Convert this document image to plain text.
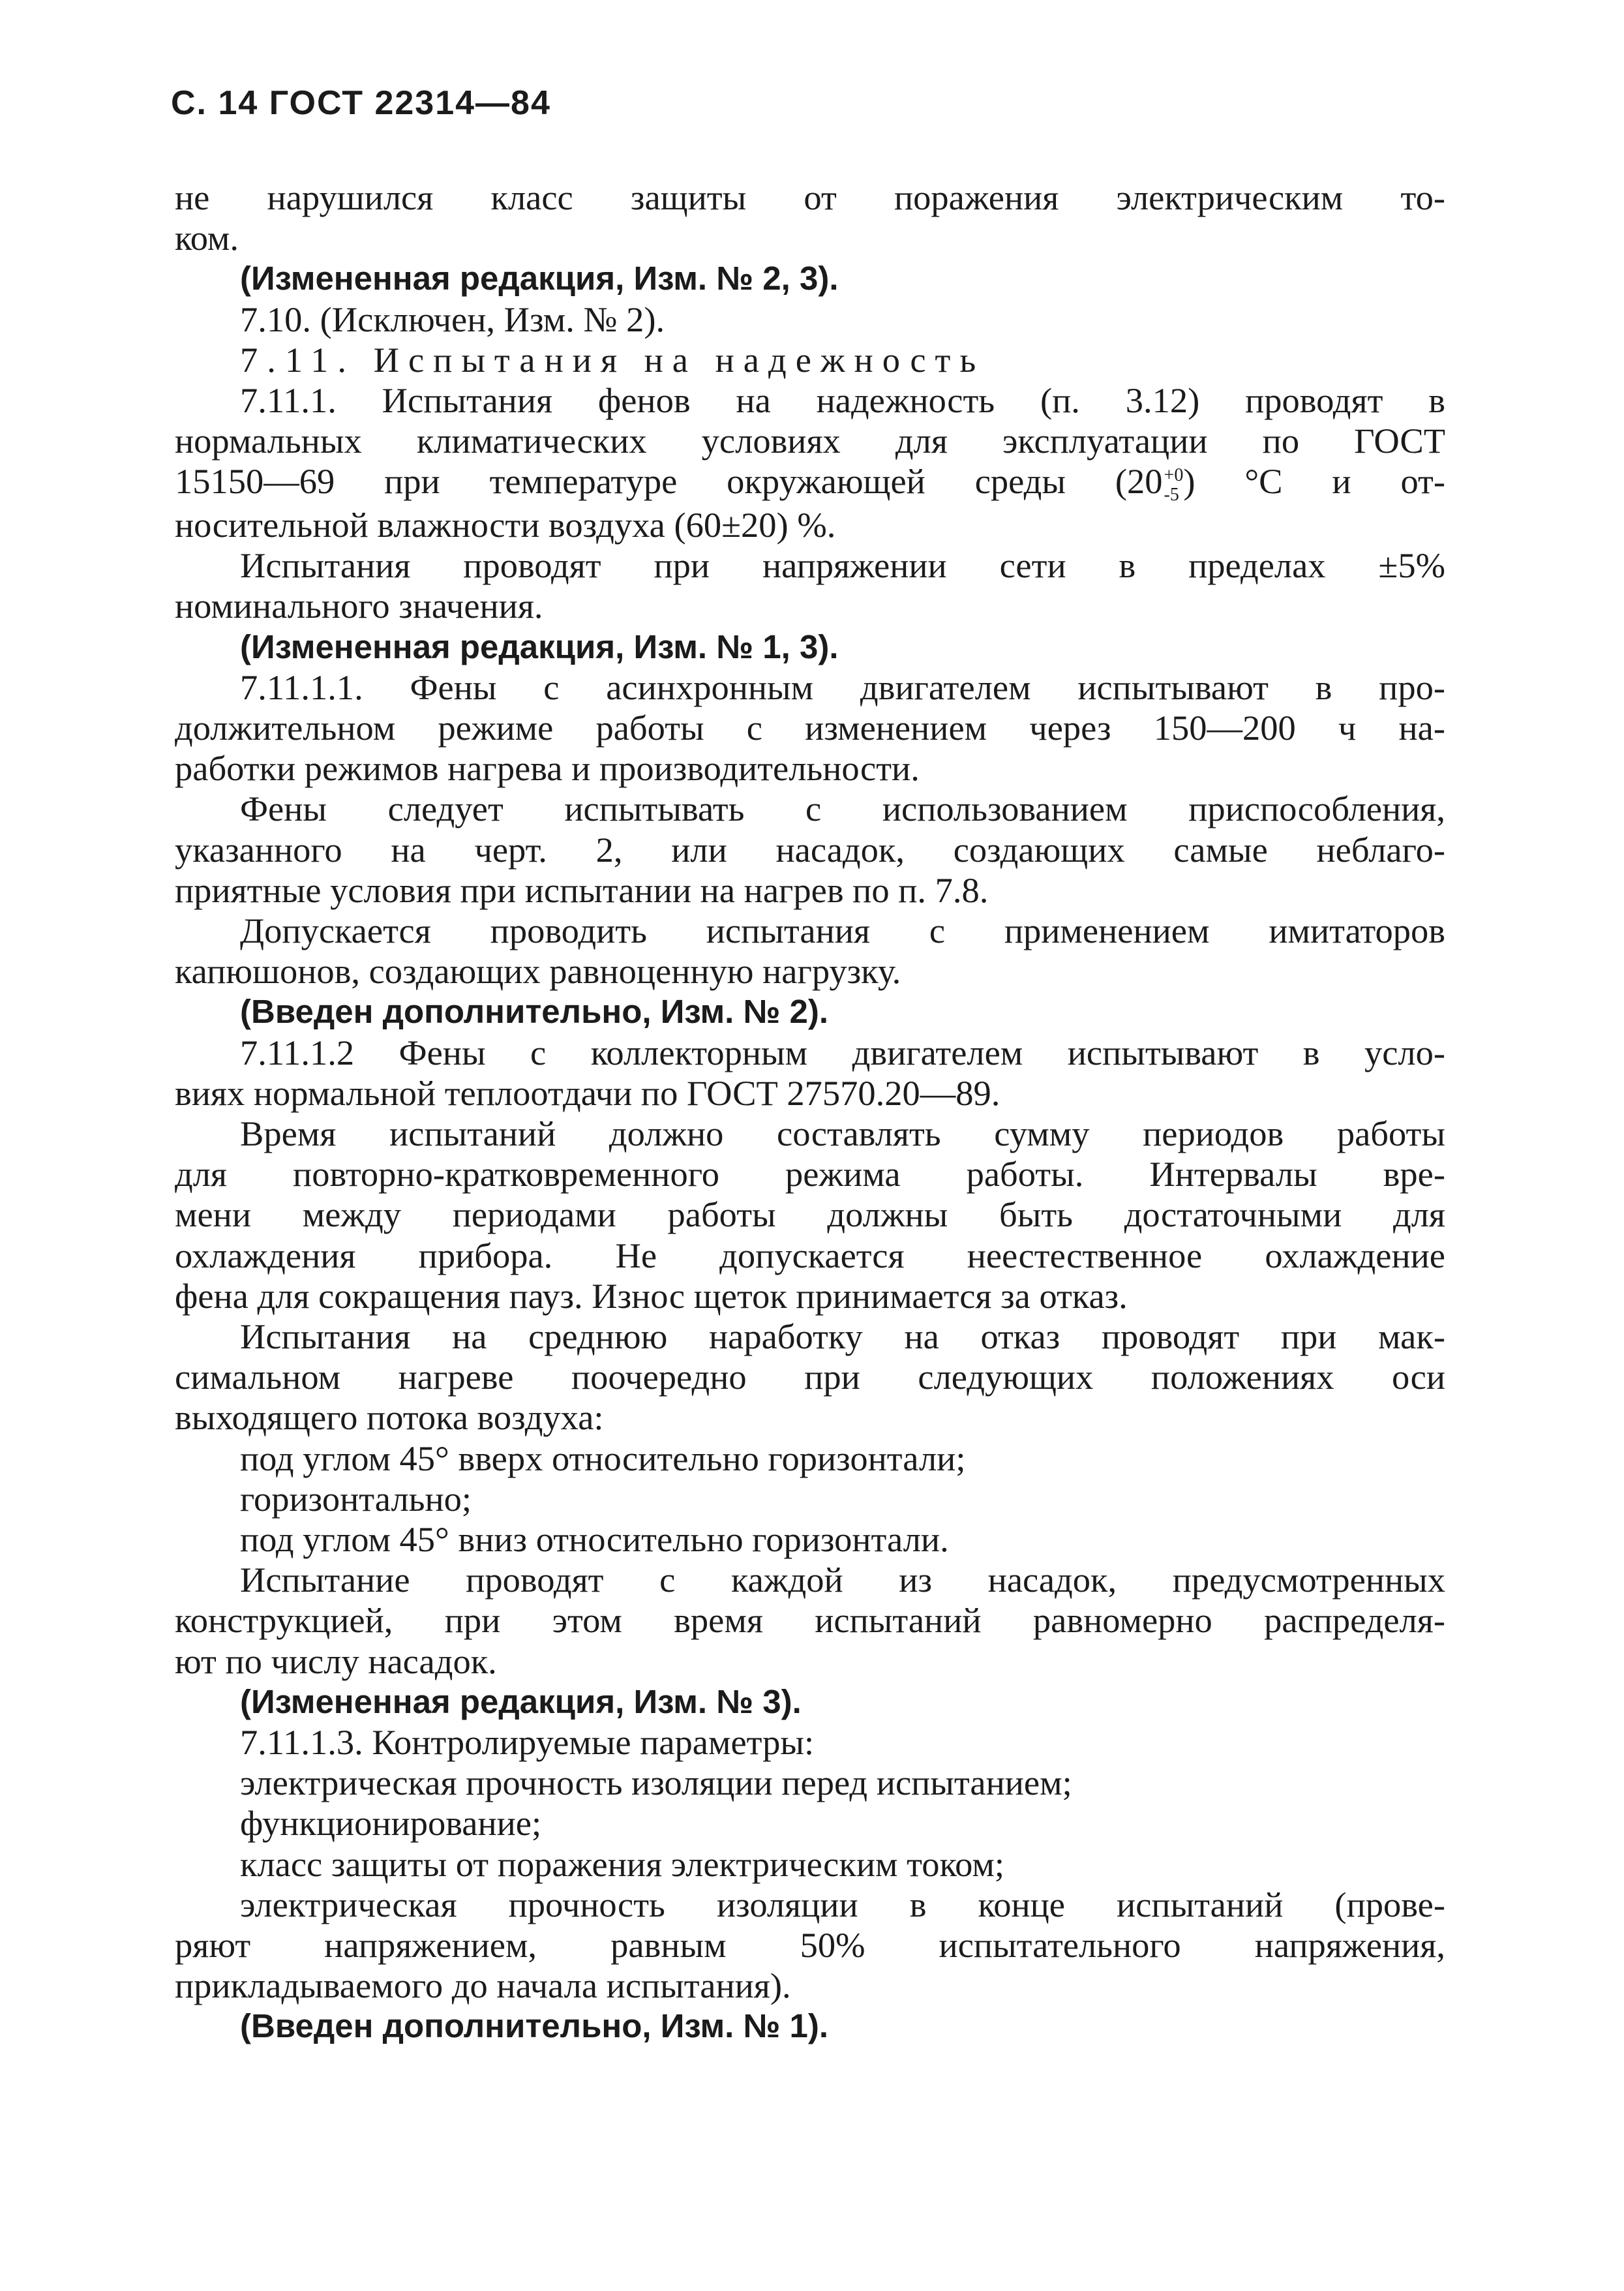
С. 14 ГОСТ 22314—84
не нарушился класс защиты от поражения электрическим то-
ком.
(Измененная редакция, Изм. № 2, 3).
7.10. (Исключен, Изм. № 2).
7.11. Испытания на надежность
7.11.1. Испытания фенов на надежность (п. 3.12) проводят в
нормальных климатических условиях для эксплуатации по ГОСТ
15150—69 при температуре окружающей среды (20 +0
-5 ) °С и от-
носительной влажности воздуха (60±20) %.
Испытания проводят при напряжении сети в пределах ±5%
номинального значения.
(Измененная редакция, Изм. № 1, 3).
7.11.1.1. Фены с асинхронным двигателем испытывают в про-
должительном режиме работы с изменением через 150—200 ч на-
работки режимов нагрева и производительности.
Фены следует испытывать с использованием приспособления,
указанного на черт. 2, или насадок, создающих самые неблаго-
приятные условия при испытании на нагрев по п. 7.8.
Допускается проводить испытания с применением имитаторов
капюшонов, создающих равноценную нагрузку.
(Введен дополнительно, Изм. № 2).
7.11.1.2 Фены с коллекторным двигателем испытывают в усло-
виях нормальной теплоотдачи по ГОСТ 27570.20—89.
Время испытаний должно составлять сумму периодов работы
для повторно-кратковременного режима работы. Интервалы вре-
мени между периодами работы должны быть достаточными для
охлаждения прибора. Не допускается неестественное охлаждение
фена для сокращения пауз. Износ щеток принимается за отказ.
Испытания на среднюю наработку на отказ проводят при мак-
симальном нагреве поочередно при следующих положениях оси
выходящего потока воздуха:
под углом 45° вверх относительно горизонтали;
горизонтально;
под углом 45° вниз относительно горизонтали.
Испытание проводят с каждой из насадок, предусмотренных
конструкцией, при этом время испытаний равномерно распределя-
ют по числу насадок.
(Измененная редакция, Изм. № 3).
7.11.1.3. Контролируемые параметры:
электрическая прочность изоляции перед испытанием;
функционирование;
класс защиты от поражения электрическим током;
электрическая прочность изоляции в конце испытаний (прове-
ряют напряжением, равным 50% испытательного напряжения,
прикладываемого до начала испытания).
(Введен дополнительно, Изм. № 1).
